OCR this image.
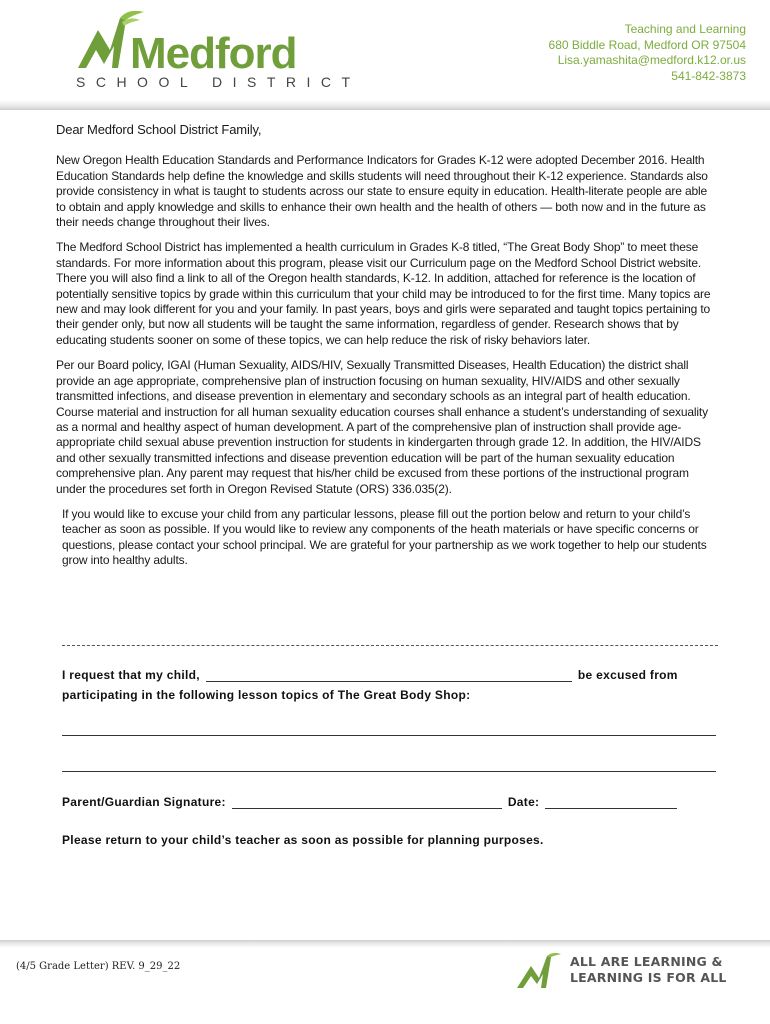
Medford
SCHOOL DISTRICT
Teaching and Learning
680 Biddle Road, Medford OR 97504
Lisa.yamashita@medford.k12.or.us
541-842-3873
Dear Medford School District Family,

New Oregon Health Education Standards and Performance Indicators for Grades K-12 were adopted December 2016. Health Education Standards help define the knowledge and skills students will need throughout their K-12 experience. Standards also provide consistency in what is taught to students across our state to ensure equity in education. Health-literate people are able to obtain and apply knowledge and skills to enhance their own health and the health of others — both now and in the future as their needs change throughout their lives.

The Medford School District has implemented a health curriculum in Grades K-8 titled, “The Great Body Shop” to meet these standards. For more information about this program, please visit our Curriculum page on the Medford School District website. There you will also find a link to all of the Oregon health standards, K-12. In addition, attached for reference is the location of potentially sensitive topics by grade within this curriculum that your child may be introduced to for the first time. Many topics are new and may look different for you and your family. In past years, boys and girls were separated and taught topics pertaining to their gender only, but now all students will be taught the same information, regardless of gender. Research shows that by educating students sooner on some of these topics, we can help reduce the risk of risky behaviors later.

Per our Board policy, IGAI (Human Sexuality, AIDS/HIV, Sexually Transmitted Diseases, Health Education) the district shall provide an age appropriate, comprehensive plan of instruction focusing on human sexuality, HIV/AIDS and other sexually transmitted infections, and disease prevention in elementary and secondary schools as an integral part of health education. Course material and instruction for all human sexuality education courses shall enhance a student’s understanding of sexuality as a normal and healthy aspect of human development. A part of the comprehensive plan of instruction shall provide age-appropriate child sexual abuse prevention instruction for students in kindergarten through grade 12. In addition, the HIV/AIDS and other sexually transmitted infections and disease prevention education will be part of the human sexuality education comprehensive plan. Any parent may request that his/her child be excused from these portions of the instructional program under the procedures set forth in Oregon Revised Statute (ORS) 336.035(2).

If you would like to excuse your child from any particular lessons, please fill out the portion below and return to your child’s teacher as soon as possible. If you would like to review any components of the heath materials or have specific concerns or questions, please contact your school principal. We are grateful for your partnership as we work together to help our students grow into healthy adults.

I request that my child,	be excused from
participating in the following lesson topics of The Great Body Shop:
Parent/Guardian Signature:	Date:
Please return to your child’s teacher as soon as possible for planning purposes.
(4/5 Grade Letter) REV. 9_29_22	ALL ARE LEARNING &
LEARNING IS FOR ALL
